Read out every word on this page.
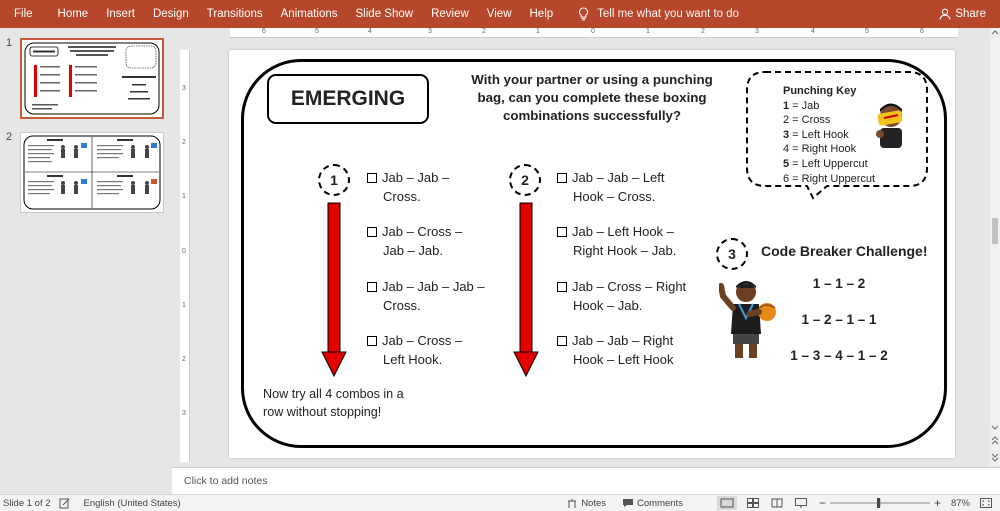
File	Home	Insert	Design	Transitions	Animations	Slide Show	Review	View	Help	Tell me what you want to do	Share
1
2
6	5	4	3	2	1	0	1	2	3	4	5	6
3
2
1
0
1
2
3
EMERGING
With your partner or using a punching bag, can you complete these boxing combinations successfully?
Punching Key
1 = Jab
2 = Cross
3 = Left Hook
4 = Right Hook
5 = Left Uppercut
6 = Right Uppercut
1	Jab – Jab –
Cross.
Jab – Cross –
Jab – Jab.
Jab – Jab – Jab –
Cross.
Jab – Cross –
Left Hook.
2	Jab – Jab – Left
Hook – Cross.
Jab – Left Hook –
Right Hook – Jab.
Jab – Cross – Right
Hook – Jab.
Jab – Jab – Right
Hook – Left Hook
3	Code Breaker Challenge!
1 – 1 – 2
1 – 2 – 1 – 1
1 – 3 – 4 – 1 – 2
Now try all 4 combos in a
row without stopping!
Click to add notes
Slide 1 of 2	English (United States)	Notes	Comments	−	+ 87%
